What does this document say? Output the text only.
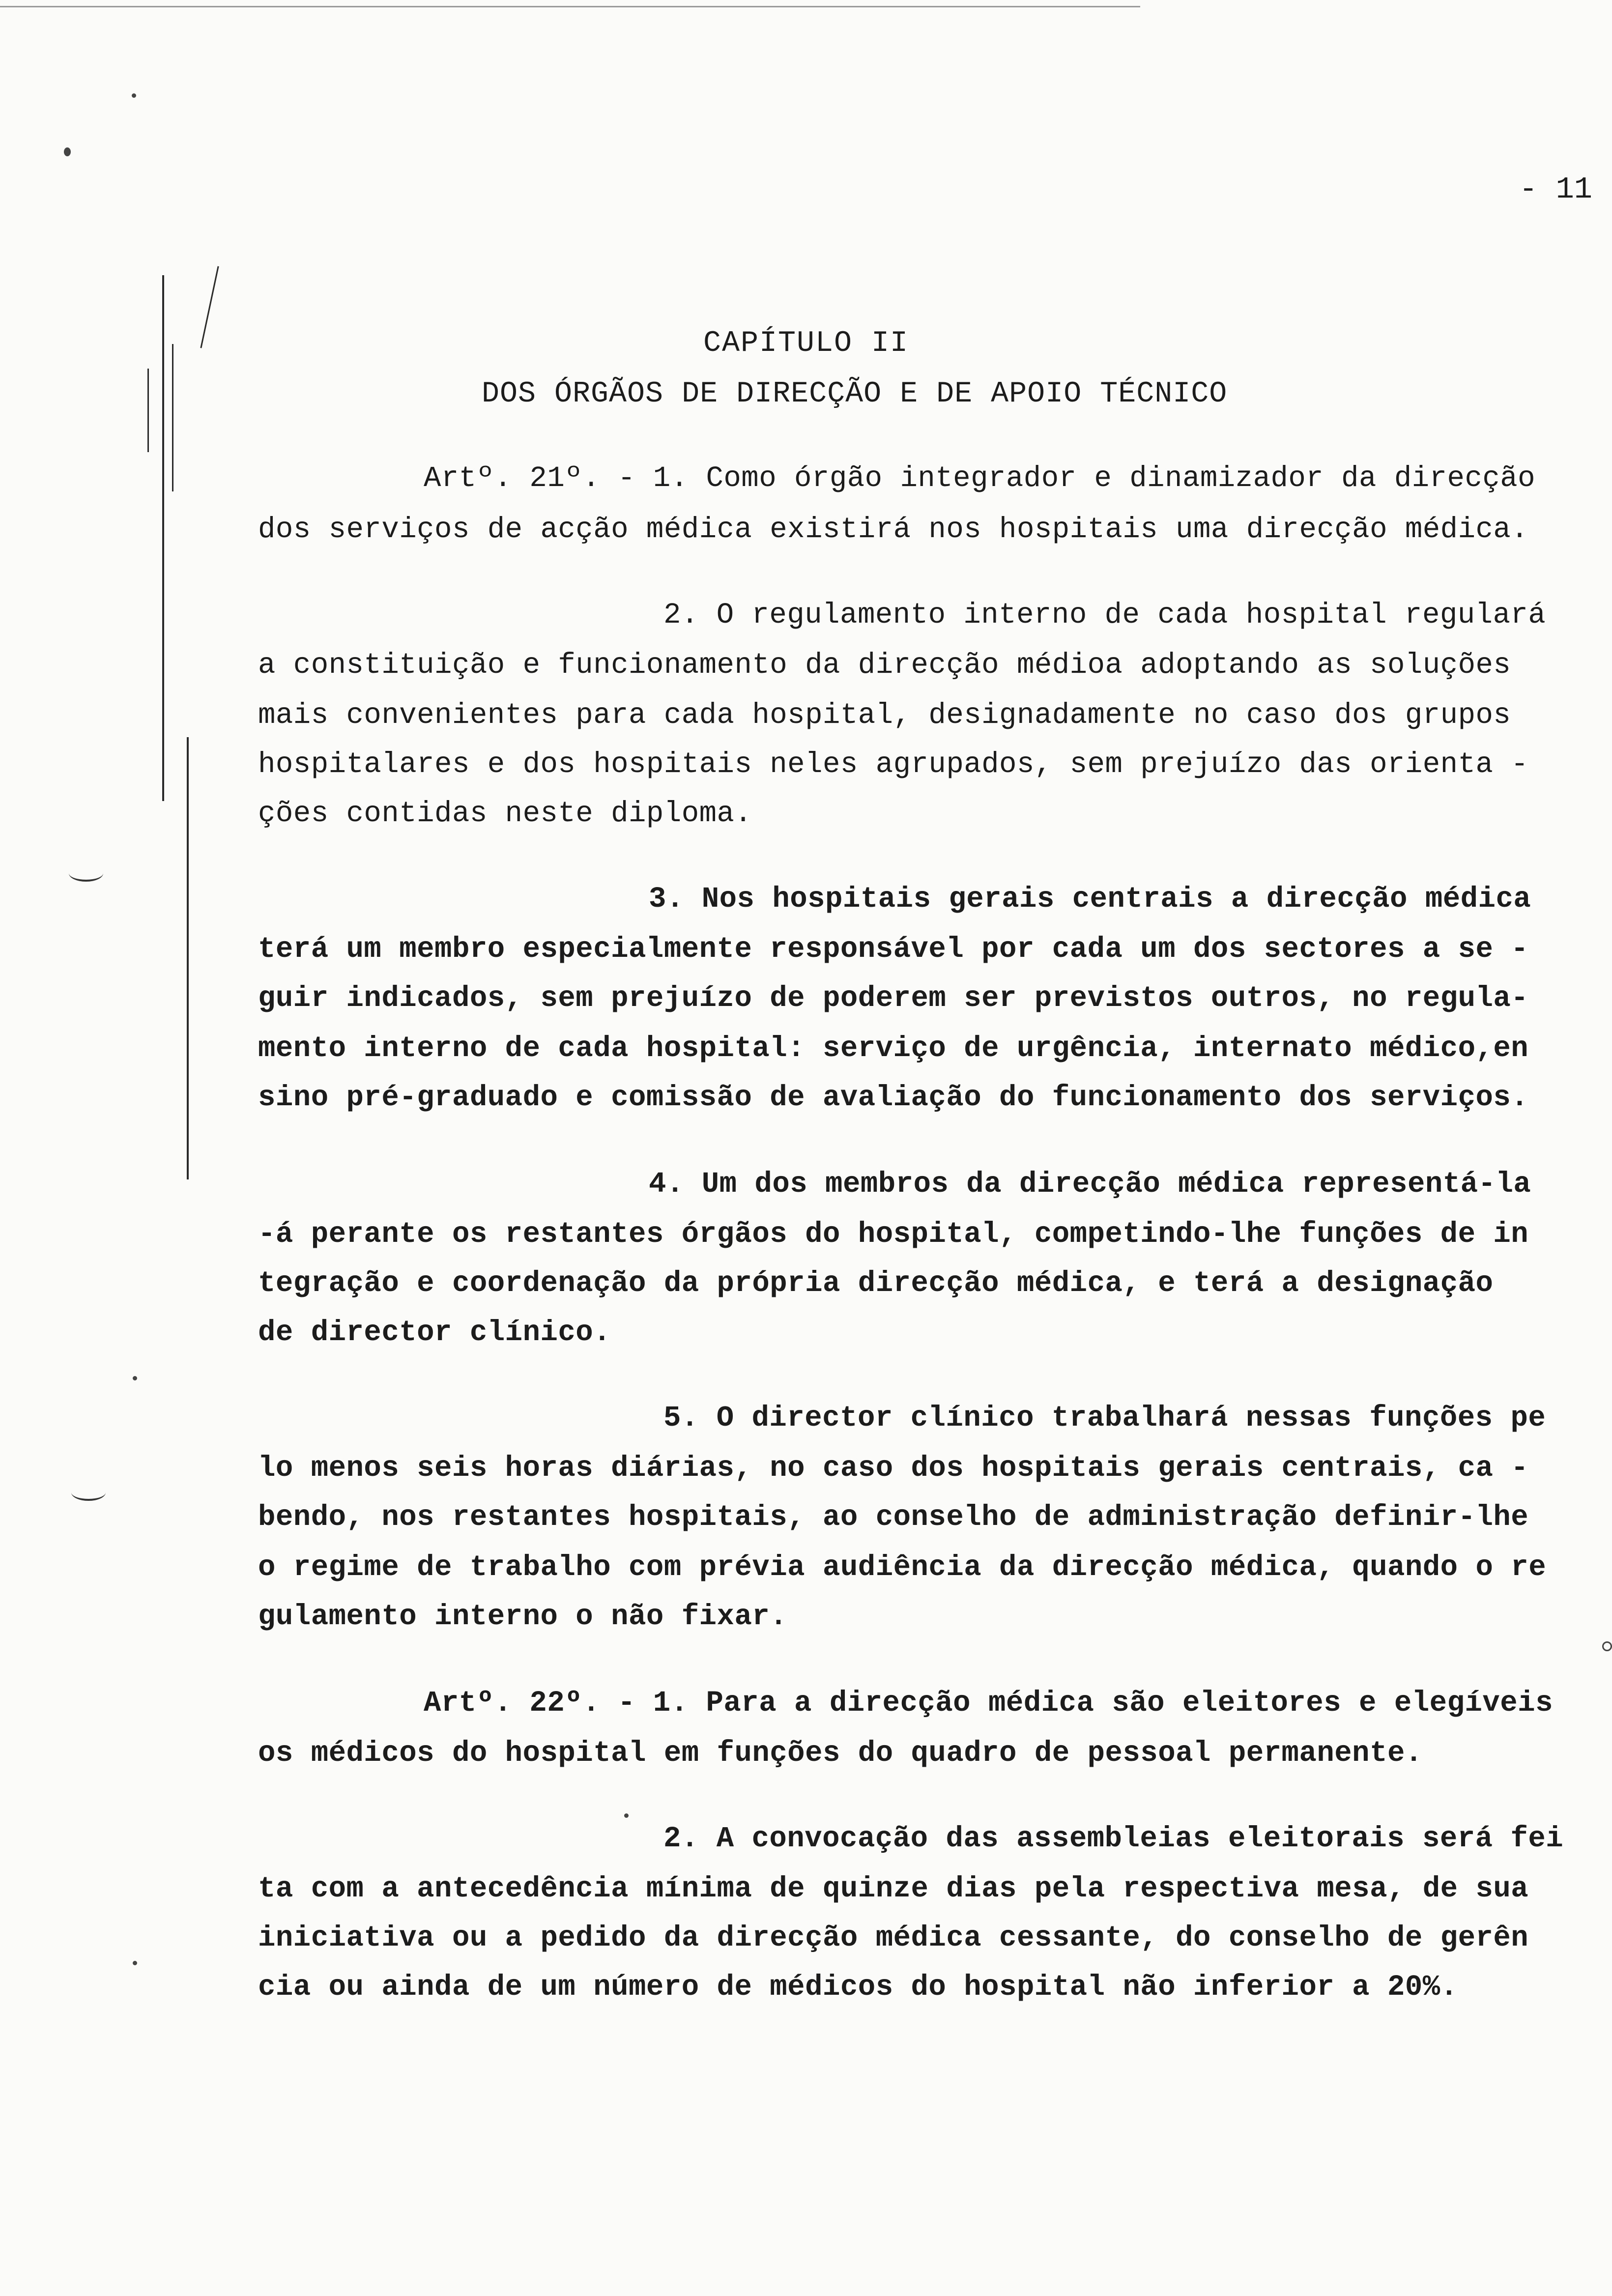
- 11
CAPÍTULO II
DOS ÓRGÃOS DE DIRECÇÃO E DE APOIO TÉCNICO
Artº. 21º. - 1. Como órgão integrador e dinamizador da direcção
dos serviços de acção médica existirá nos hospitais uma direcção médica.
2. O regulamento interno de cada hospital regulará
a constituição e funcionamento da direcção médioa adoptando as soluções
mais convenientes para cada hospital, designadamente no caso dos grupos
hospitalares e dos hospitais neles agrupados, sem prejuízo das orienta -
ções contidas neste diploma.
3. Nos hospitais gerais centrais a direcção médica
terá um membro especialmente responsável por cada um dos sectores a se -
guir indicados, sem prejuízo de poderem ser previstos outros, no regula-
mento interno de cada hospital: serviço de urgência, internato médico,en
sino pré-graduado e comissão de avaliação do funcionamento dos serviços.
4. Um dos membros da direcção médica representá-la
-á perante os restantes órgãos do hospital, competindo-lhe funções de in
tegração e coordenação da própria direcção médica, e terá a designação
de director clínico.
5. O director clínico trabalhará nessas funções pe
lo menos seis horas diárias, no caso dos hospitais gerais centrais, ca -
bendo, nos restantes hospitais, ao conselho de administração definir-lhe
o regime de trabalho com prévia audiência da direcção médica, quando o re
gulamento interno o não fixar.
Artº. 22º. - 1. Para a direcção médica são eleitores e elegíveis
os médicos do hospital em funções do quadro de pessoal permanente.
2. A convocação das assembleias eleitorais será fei
ta com a antecedência mínima de quinze dias pela respectiva mesa, de sua
iniciativa ou a pedido da direcção médica cessante, do conselho de gerên
cia ou ainda de um número de médicos do hospital não inferior a 20%.
